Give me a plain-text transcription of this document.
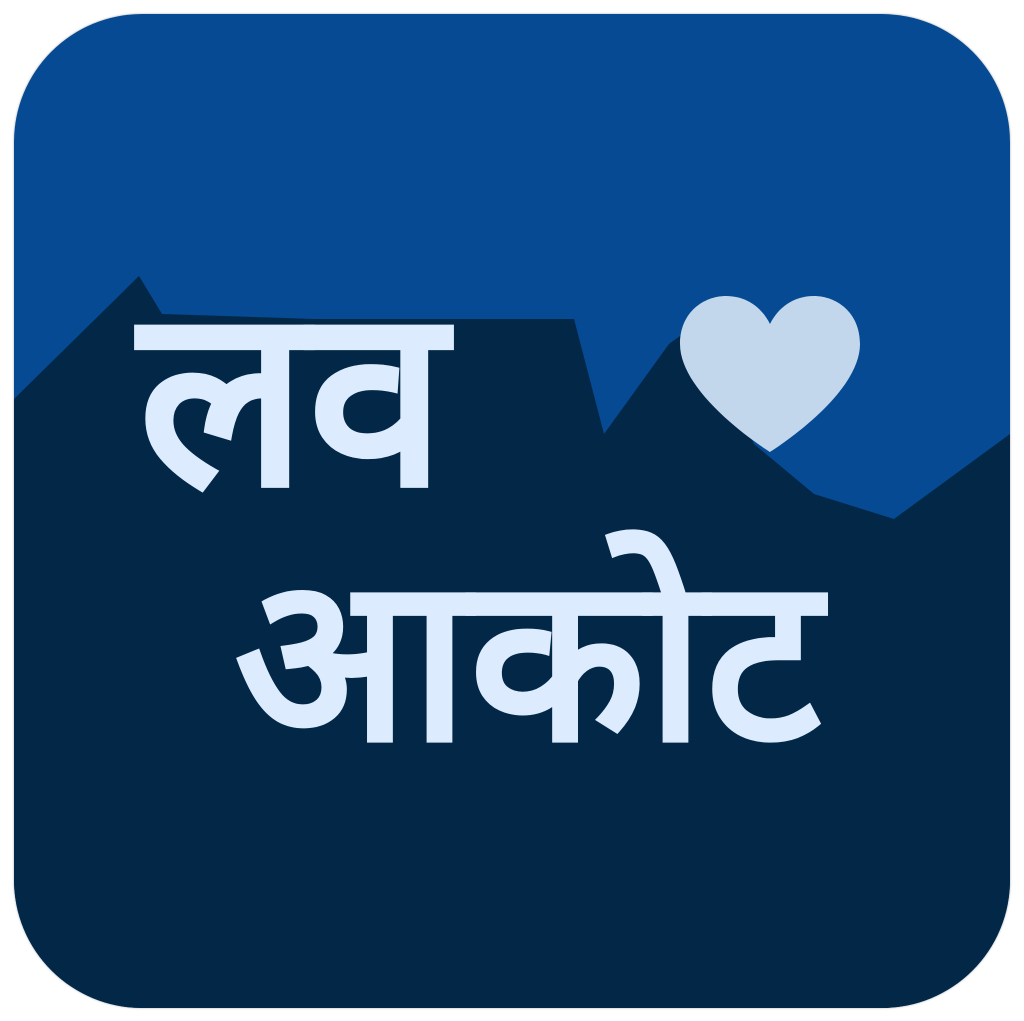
लव
आकोट
